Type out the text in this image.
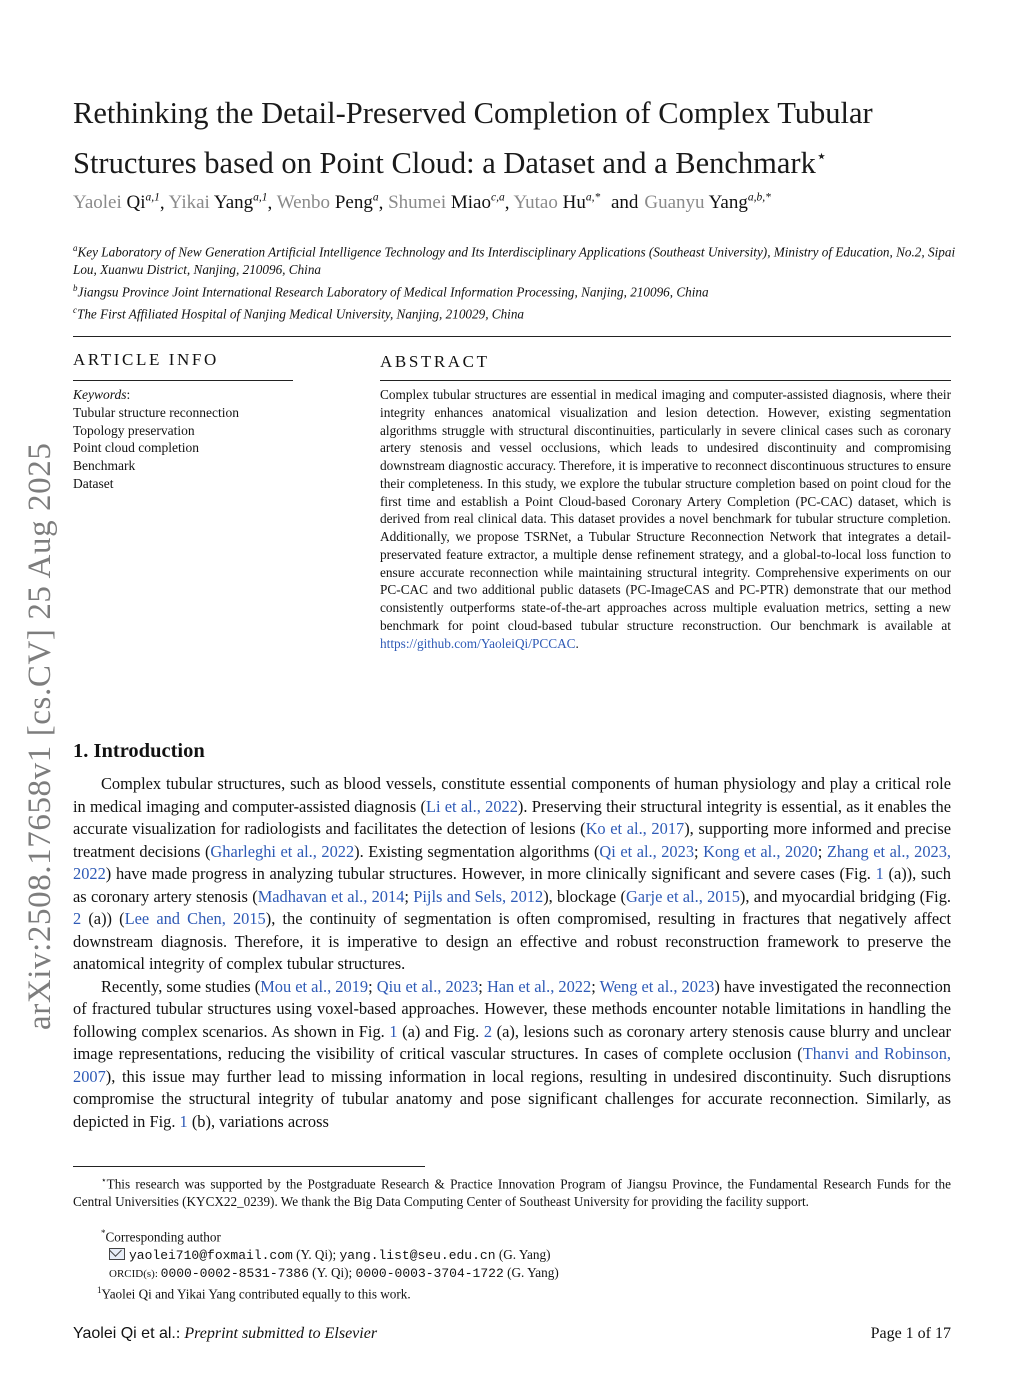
Rethinking the Detail-Preserved Completion of Complex Tubular Structures based on Point Cloud: a Dataset and a Benchmark⋆
Yaolei Qi$^{a,1}$, Yikai Yang$^{a,1}$, Wenbo Peng$^a$, Shumei Miao$^{c,a}$, Yutao $Hu^{a,*}$ and Guanyu Yang$^{a,b,*}$
$^a$Key Laboratory of New Generation Artificial Intelligence Technology and Its Interdisciplinary Applications (Southeast University), Ministry of Education, No.2, Sipai Lou, Xuanwu District, Nanjing, 210096, China
$^b$Jiangsu Province Joint International Research Laboratory of Medical Information Processing, Nanjing, 210096, China
$^c$The First Affiliated Hospital of Nanjing Medical University, Nanjing, 210029, China
arXiv:2508.17658v1 [cs.CV] 25 Aug 2025
ARTICLE INFO
Keywords:
Tubular structure reconnection
Topology preservation
Point cloud completion
Benchmark
Dataset
ABSTRACT
Complex tubular structures are essential in medical imaging and computer-assisted diagnosis, where their integrity enhances anatomical visualization and lesion detection. However, existing segmentation algorithms struggle with structural discontinuities, particularly in severe clinical cases such as coronary artery stenosis and vessel occlusions, which leads to undesired discontinuity and compromising downstream diagnostic accuracy. Therefore, it is imperative to reconnect discontinuous structures to ensure their completeness. In this study, we explore the tubular structure completion based on point cloud for the first time and establish a Point Cloud-based Coronary Artery Completion (PC-CAC) dataset, which is derived from real clinical data. This dataset provides a novel benchmark for tubular structure completion. Additionally, we propose TSRNet, a Tubular Structure Reconnection Network that integrates a detail-preservated feature extractor, a multiple dense refinement strategy, and a global-to-local loss function to ensure accurate reconnection while maintaining structural integrity. Comprehensive experiments on our PC-CAC and two additional public datasets (PC-ImageCAS and PC-PTR) demonstrate that our method consistently outperforms state-of-the-art approaches across multiple evaluation metrics, setting a new benchmark for point cloud-based tubular structure reconstruction. Our benchmark is available at https://github.com/YaoleiQi/PCCAC.
1. Introduction

Complex tubular structures, such as blood vessels, constitute essential components of human physiology and play a critical role in medical imaging and computer-assisted diagnosis (Li et al., 2022). Preserving their structural integrity is essential, as it enables the accurate visualization for radiologists and facilitates the detection of lesions (Ko et al., 2017), supporting more informed and precise treatment decisions (Gharleghi et al., 2022). Existing segmentation algorithms (Qi et al., 2023; Kong et al., 2020; Zhang et al., 2023, 2022) have made progress in analyzing tubular structures. However, in more clinically significant and severe cases (Fig. 1 (a)), such as coronary artery stenosis (Madhavan et al., 2014; Pijls and Sels, 2012), blockage (Garje et al., 2015), and myocardial bridging (Fig. 2 (a)) (Lee and Chen, 2015), the continuity of segmentation is often compromised, resulting in fractures that negatively affect downstream diagnosis. Therefore, it is imperative to design an effective and robust reconstruction framework to preserve the anatomical integrity of complex tubular structures.

Recently, some studies (Mou et al., 2019; Qiu et al., 2023; Han et al., 2022; Weng et al., 2023) have investigated the reconnection of fractured tubular structures using voxel-based approaches. However, these methods encounter notable limitations in handling the following complex scenarios. As shown in Fig. 1 (a) and Fig. 2 (a), lesions such as coronary artery stenosis cause blurry and unclear image representations, reducing the visibility of critical vascular structures. In cases of complete occlusion (Thanvi and Robinson, 2007), this issue may further lead to missing information in local regions, resulting in undesired discontinuity. Such disruptions compromise the structural integrity of tubular anatomy and pose significant challenges for accurate reconnection. Similarly, as depicted in Fig. 1 (b), variations across

⋆This research was supported by the Postgraduate Research & Practice Innovation Program of Jiangsu Province, the Fundamental Research Funds for the Central Universities (KYCX22_0239). We thank the Big Data Computing Center of Southeast University for providing the facility support.
*Corresponding author
yaolei710@foxmail.com (Y. Qi); yang.list@seu.edu.cn (G. Yang)
ORCID(s): 0000-0002-8531-7386 (Y. Qi); 0000-0003-3704-1722 (G. Yang)
$^1$Yaolei Qi and Yikai Yang contributed equally to this work.
Yaolei Qi et al.: Preprint submitted to Elsevier	Page 1 of 17
